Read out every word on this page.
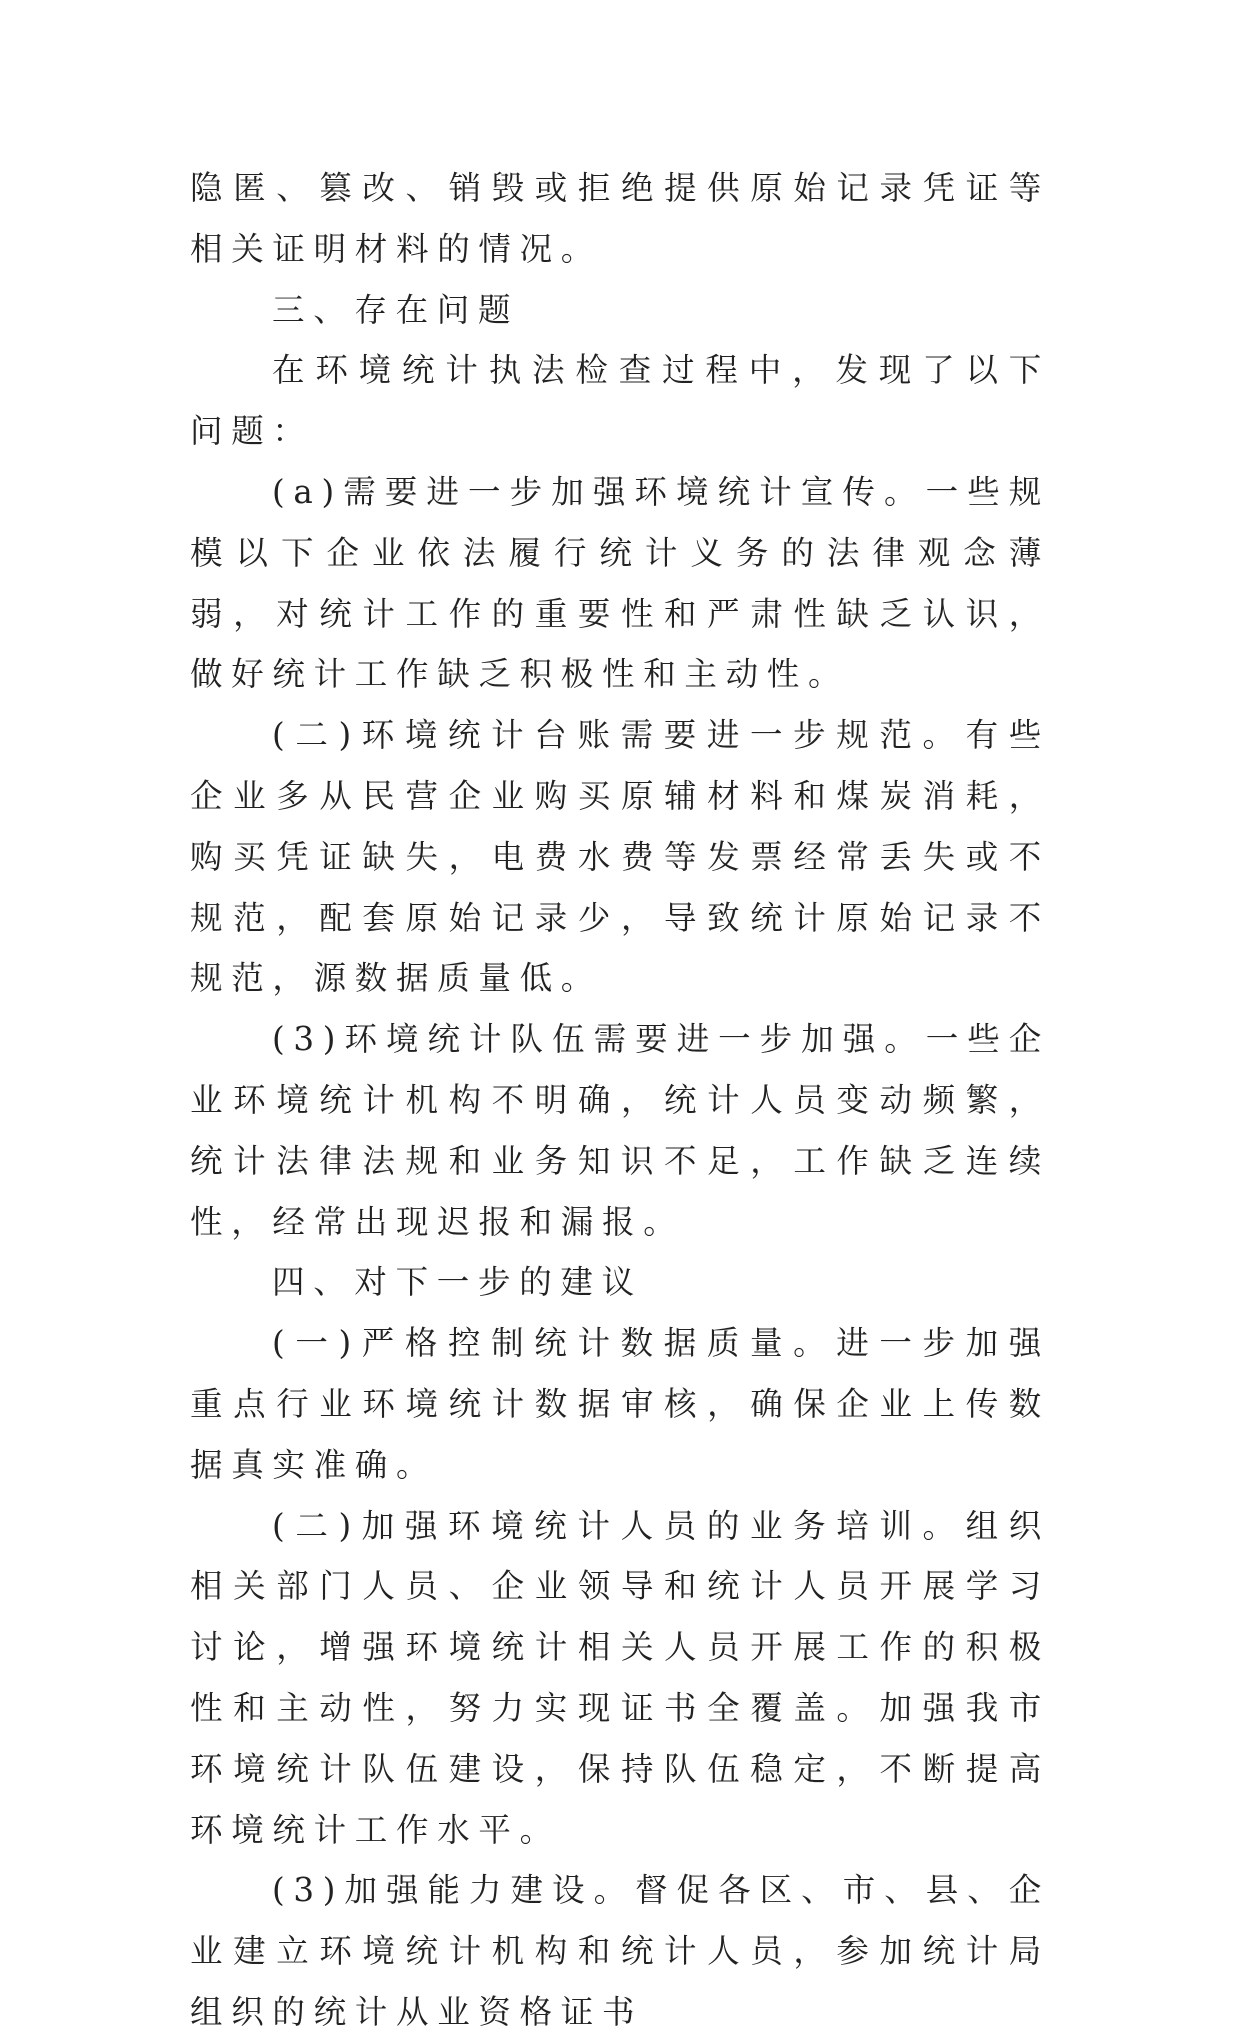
隐匿、篡改、销毁或拒绝提供原始记录凭证等相关证明材料的情况。

三、存在问题

在环境统计执法检查过程中，发现了以下问题：

(a)需要进一步加强环境统计宣传。一些规模以下企业依法履行统计义务的法律观念薄弱，对统计工作的重要性和严肃性缺乏认识，做好统计工作缺乏积极性和主动性。

(二)环境统计台账需要进一步规范。有些企业多从民营企业购买原辅材料和煤炭消耗，购买凭证缺失，电费水费等发票经常丢失或不规范，配套原始记录少，导致统计原始记录不规范，源数据质量低。

(3)环境统计队伍需要进一步加强。一些企业环境统计机构不明确，统计人员变动频繁，统计法律法规和业务知识不足，工作缺乏连续性，经常出现迟报和漏报。

四、对下一步的建议

(一)严格控制统计数据质量。进一步加强重点行业环境统计数据审核，确保企业上传数据真实准确。

(二)加强环境统计人员的业务培训。组织相关部门人员、企业领导和统计人员开展学习讨论，增强环境统计相关人员开展工作的积极性和主动性，努力实现证书全覆盖。加强我市环境统计队伍建设，保持队伍稳定，不断提高环境统计工作水平。

(3)加强能力建设。督促各区、市、县、企业建立环境统计机构和统计人员，参加统计局组织的统计从业资格证书
